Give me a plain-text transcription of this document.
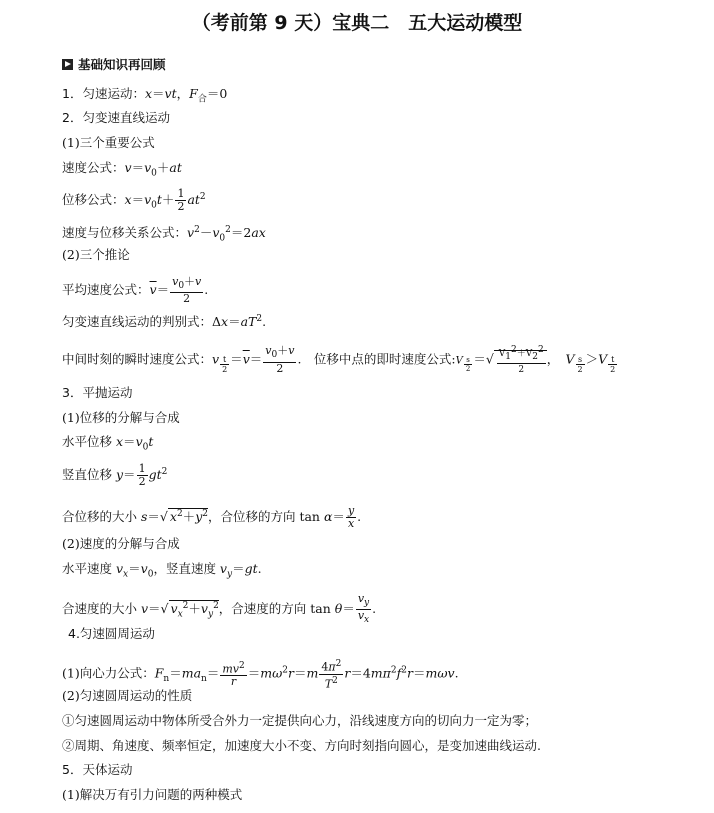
（考前第 9 天）宝典二　五大运动模型
基础知识再回顾
1．匀速运动：x＝vt，$F_合=0$
2．匀变速直线运动
(1)三个重要公式
速度公式：$v=v_0+at$
位移公式：$x=v_0t+ \frac{1}{2} at^2$
速度与位移关系公式：$v^2-v_0^2=2ax$
(2)三个推论
平均速度公式：$\overline{v}= \frac{v_0+v}{2}$ .
匀变速直线运动的判别式：$\Delta x=aT^2$.
中间时刻的瞬时速度公式：v $_{\frac{t}{2}} =\overline{v}= \frac{v_0+v}{2}$ .　位移中点的即时速度公式:V $_{\frac{s}{2}}$ ＝√ $\frac{V_1^2+V_2^2}{2}$ ，　V $_{\frac{s}{2}}$ ＞V $_{\frac{t}{2}}$
3．平抛运动
(1)位移的分解与合成
水平位移 $x=v_0t$
竖直位移 $y= \frac{1}{2} gt^2$
合位移的大小 s＝√ $x^2+y^2$，合位移的方向 $\tan \alpha= \frac{y}{x}$ .
(2)速度的分解与合成
水平速度 $v_x=v_0$，竖直速度 $v_y=gt$.
合速度的大小 v＝√ $v_x^2+v_y^2$，合速度的方向 $\tan \theta= \frac{v_y}{v_x}$ .
4.匀速圆周运动
(1)向心力公式：$F_n=ma_n= \frac{mv^2}{r} =m\omega^2r=m \frac{4\pi^2}{T^2} r=4m\pi^2f^2r=m\omega v$.
(2)匀速圆周运动的性质
①匀速圆周运动中物体所受合外力一定提供向心力，沿线速度方向的切向力一定为零；
②周期、角速度、频率恒定，加速度大小不变、方向时刻指向圆心，是变加速曲线运动.
5．天体运动
(1)解决万有引力问题的两种模式
